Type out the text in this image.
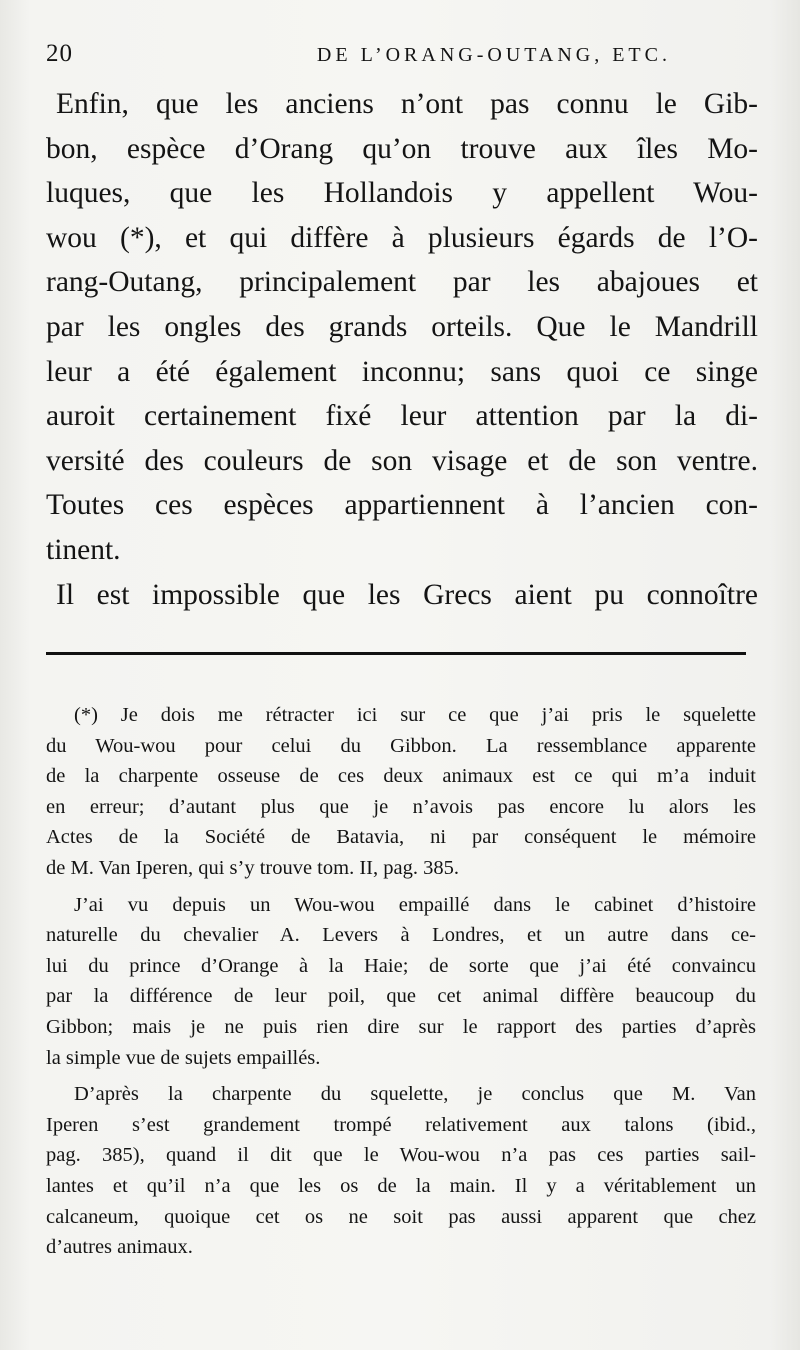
20	DE L’ORANG-OUTANG, ETC.
Enfin, que les anciens n’ont pas connu le Gib-
bon, espèce d’Orang qu’on trouve aux îles Mo-
luques, que les Hollandois y appellent Wou-
wou (*), et qui diffère à plusieurs égards de l’O-
rang-Outang, principalement par les abajoues et
par les ongles des grands orteils. Que le Mandrill
leur a été également inconnu; sans quoi ce singe
auroit certainement fixé leur attention par la di-
versité des couleurs de son visage et de son ventre.
Toutes ces espèces appartiennent à l’ancien con-
tinent.
Il est impossible que les Grecs aient pu connoître
(*) Je dois me rétracter ici sur ce que j’ai pris le squelette
du Wou-wou pour celui du Gibbon. La ressemblance apparente
de la charpente osseuse de ces deux animaux est ce qui m’a induit
en erreur; d’autant plus que je n’avois pas encore lu alors les
Actes de la Société de Batavia, ni par conséquent le mémoire
de M. Van Iperen, qui s’y trouve tom. II, pag. 385.
J’ai vu depuis un Wou-wou empaillé dans le cabinet d’histoire
naturelle du chevalier A. Levers à Londres, et un autre dans ce-
lui du prince d’Orange à la Haie; de sorte que j’ai été convaincu
par la différence de leur poil, que cet animal diffère beaucoup du
Gibbon; mais je ne puis rien dire sur le rapport des parties d’après
la simple vue de sujets empaillés.
D’après la charpente du squelette, je conclus que M. Van
Iperen s’est grandement trompé relativement aux talons (ibid.,
pag. 385), quand il dit que le Wou-wou n’a pas ces parties sail-
lantes et qu’il n’a que les os de la main. Il y a véritablement un
calcaneum, quoique cet os ne soit pas aussi apparent que chez
d’autres animaux.
